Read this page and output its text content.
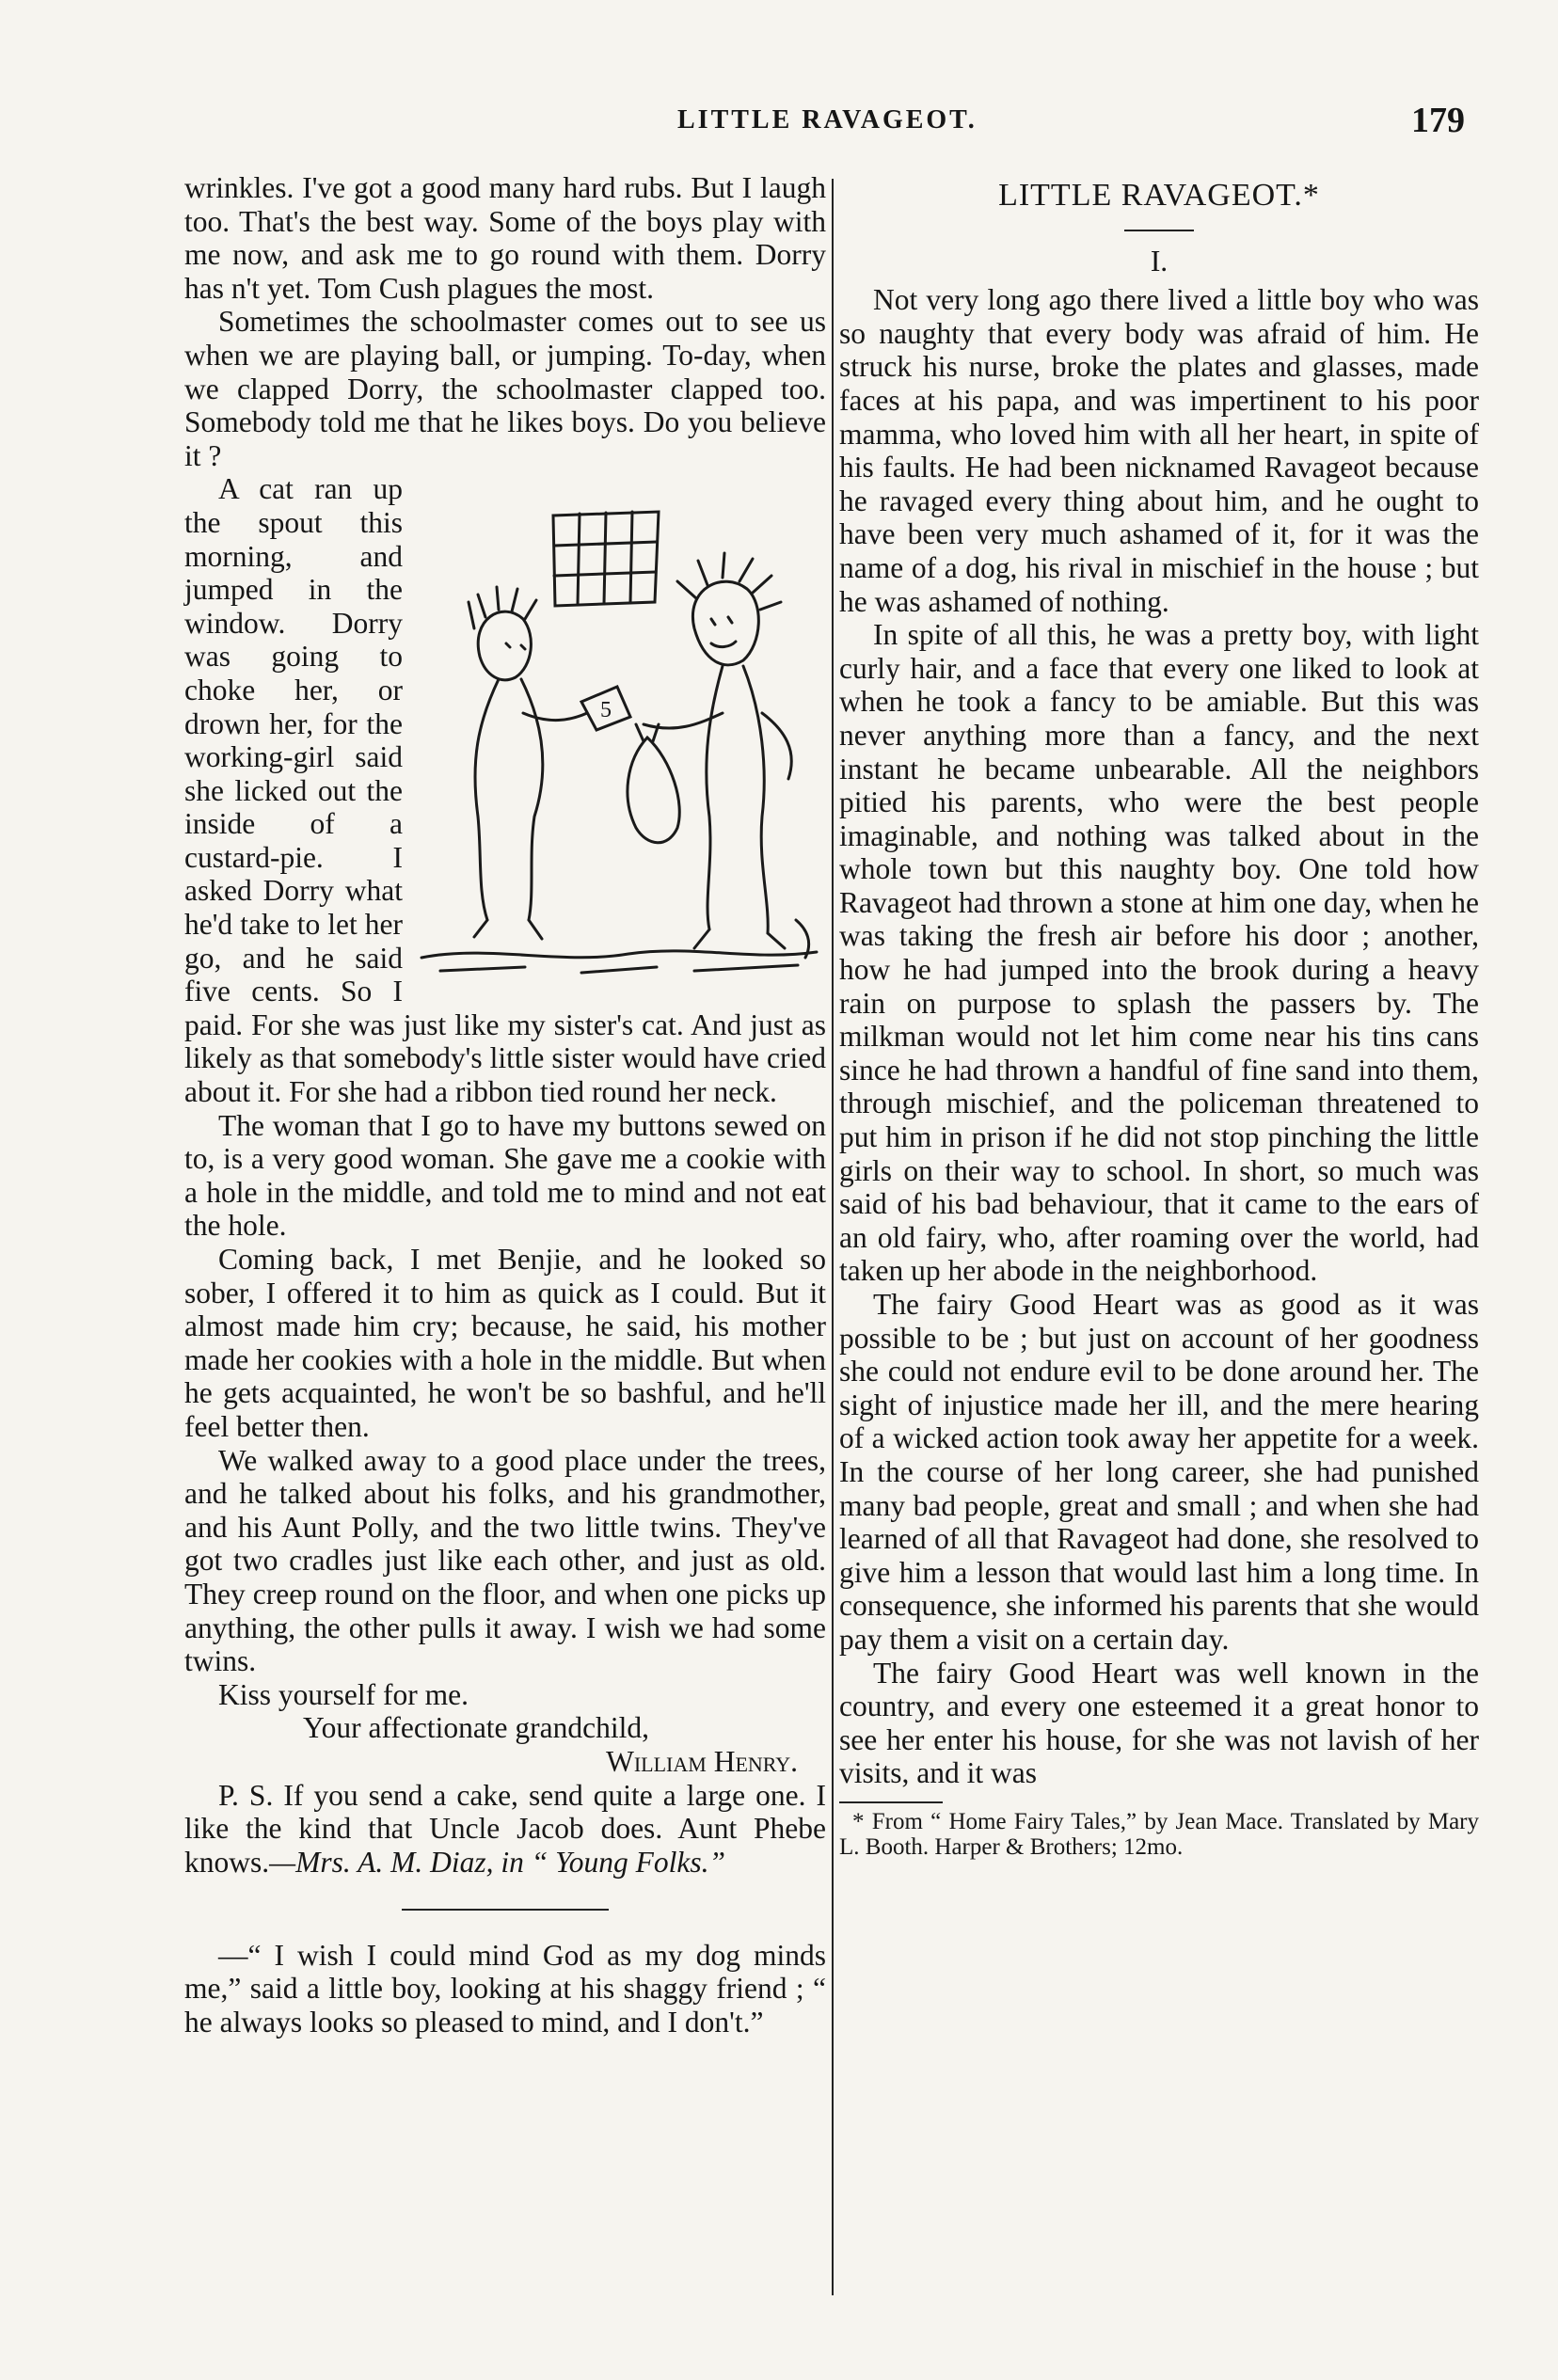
LITTLE RAVAGEOT.	179

wrinkles. I've got a good many hard rubs. But I laugh too. That's the best way. Some of the boys play with me now, and ask me to go round with them. Dorry has n't yet. Tom Cush plagues the most.

Sometimes the schoolmaster comes out to see us when we are playing ball, or jumping. To-day, when we clapped Dorry, the schoolmaster clapped too. Somebody told me that he likes boys. Do you believe it ?

5

A cat ran up the spout this morning, and jumped in the window. Dorry was going to choke her, or drown her, for the working-girl said she licked out the inside of a custard-pie. I asked Dorry what he'd take to let her go, and he said five cents. So I paid. For she was just like my sister's cat. And just as likely as that somebody's little sister would have cried about it. For she had a ribbon tied round her neck.

The woman that I go to have my buttons sewed on to, is a very good woman. She gave me a cookie with a hole in the middle, and told me to mind and not eat the hole.

Coming back, I met Benjie, and he looked so sober, I offered it to him as quick as I could. But it almost made him cry; because, he said, his mother made her cookies with a hole in the middle. But when he gets acquainted, he won't be so bashful, and he'll feel better then.

We walked away to a good place under the trees, and he talked about his folks, and his grandmother, and his Aunt Polly, and the two little twins. They've got two cradles just like each other, and just as old. They creep round on the floor, and when one picks up anything, the other pulls it away. I wish we had some twins.

Kiss yourself for me.

Your affectionate grandchild,

William Henry.

P. S. If you send a cake, send quite a large one. I like the kind that Uncle Jacob does. Aunt Phebe knows.—Mrs. A. M. Diaz, in “ Young Folks.”

—“ I wish I could mind God as my dog minds me,” said a little boy, looking at his shaggy friend ; “ he always looks so pleased to mind, and I don't.”

LITTLE RAVAGEOT.*

I.

Not very long ago there lived a little boy who was so naughty that every body was afraid of him. He struck his nurse, broke the plates and glasses, made faces at his papa, and was impertinent to his poor mamma, who loved him with all her heart, in spite of his faults. He had been nicknamed Ravageot because he ravaged every thing about him, and he ought to have been very much ashamed of it, for it was the name of a dog, his rival in mischief in the house ; but he was ashamed of nothing.

In spite of all this, he was a pretty boy, with light curly hair, and a face that every one liked to look at when he took a fancy to be amiable. But this was never anything more than a fancy, and the next instant he became unbearable. All the neighbors pitied his parents, who were the best people imaginable, and nothing was talked about in the whole town but this naughty boy. One told how Ravageot had thrown a stone at him one day, when he was taking the fresh air before his door ; another, how he had jumped into the brook during a heavy rain on purpose to splash the passers by. The milkman would not let him come near his tins cans since he had thrown a handful of fine sand into them, through mischief, and the policeman threatened to put him in prison if he did not stop pinching the little girls on their way to school. In short, so much was said of his bad behaviour, that it came to the ears of an old fairy, who, after roaming over the world, had taken up her abode in the neighborhood.

The fairy Good Heart was as good as it was possible to be ; but just on account of her goodness she could not endure evil to be done around her. The sight of injustice made her ill, and the mere hearing of a wicked action took away her appetite for a week. In the course of her long career, she had punished many bad people, great and small ; and when she had learned of all that Ravageot had done, she resolved to give him a lesson that would last him a long time. In consequence, she informed his parents that she would pay them a visit on a certain day.

The fairy Good Heart was well known in the country, and every one esteemed it a great honor to see her enter his house, for she was not lavish of her visits, and it was

* From “ Home Fairy Tales,” by Jean Mace. Translated by Mary L. Booth. Harper & Brothers; 12mo.
